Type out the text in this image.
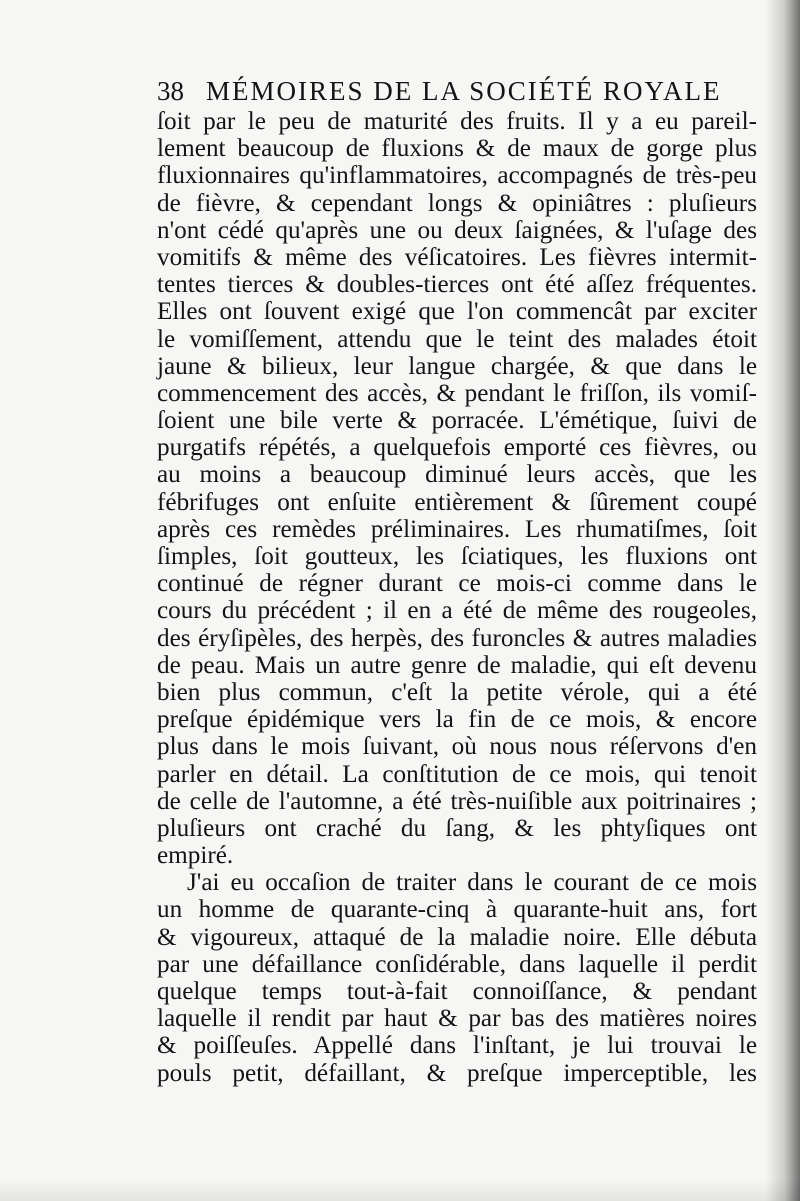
38 MÉMOIRES DE LA SOCIÉTÉ ROYALE
ſoit par le peu de maturité des fruits. Il y a eu pareil-
lement beaucoup de fluxions & de maux de gorge plus
fluxionnaires qu'inflammatoires, accompagnés de très-peu
de fièvre, & cependant longs & opiniâtres : pluſieurs
n'ont cédé qu'après une ou deux ſaignées, & l'uſage des
vomitifs & même des véſicatoires. Les fièvres intermit-
tentes tierces & doubles-tierces ont été aſſez fréquentes.
Elles ont ſouvent exigé que l'on commencât par exciter
le vomiſſement, attendu que le teint des malades étoit
jaune & bilieux, leur langue chargée, & que dans le
commencement des accès, & pendant le friſſon, ils vomiſ-
ſoient une bile verte & porracée. L'émétique, ſuivi de
purgatifs répétés, a quelquefois emporté ces fièvres, ou
au moins a beaucoup diminué leurs accès, que les
fébrifuges ont enſuite entièrement & ſûrement coupé
après ces remèdes préliminaires. Les rhumatiſmes, ſoit
ſimples, ſoit goutteux, les ſciatiques, les fluxions ont
continué de régner durant ce mois-ci comme dans le
cours du précédent ; il en a été de même des rougeoles,
des éryſipèles, des herpès, des furoncles & autres maladies
de peau. Mais un autre genre de maladie, qui eſt devenu
bien plus commun, c'eſt la petite vérole, qui a été
preſque épidémique vers la fin de ce mois, & encore
plus dans le mois ſuivant, où nous nous réſervons d'en
parler en détail. La conſtitution de ce mois, qui tenoit
de celle de l'automne, a été très-nuiſible aux poitrinaires ;
pluſieurs ont craché du ſang, & les phtyſiques ont
empiré.
J'ai eu occaſion de traiter dans le courant de ce mois
un homme de quarante-cinq à quarante-huit ans, fort
& vigoureux, attaqué de la maladie noire. Elle débuta
par une défaillance conſidérable, dans laquelle il perdit
quelque temps tout-à-fait connoiſſance, & pendant
laquelle il rendit par haut & par bas des matières noires
& poiſſeuſes. Appellé dans l'inſtant, je lui trouvai le
pouls petit, défaillant, & preſque imperceptible, les
